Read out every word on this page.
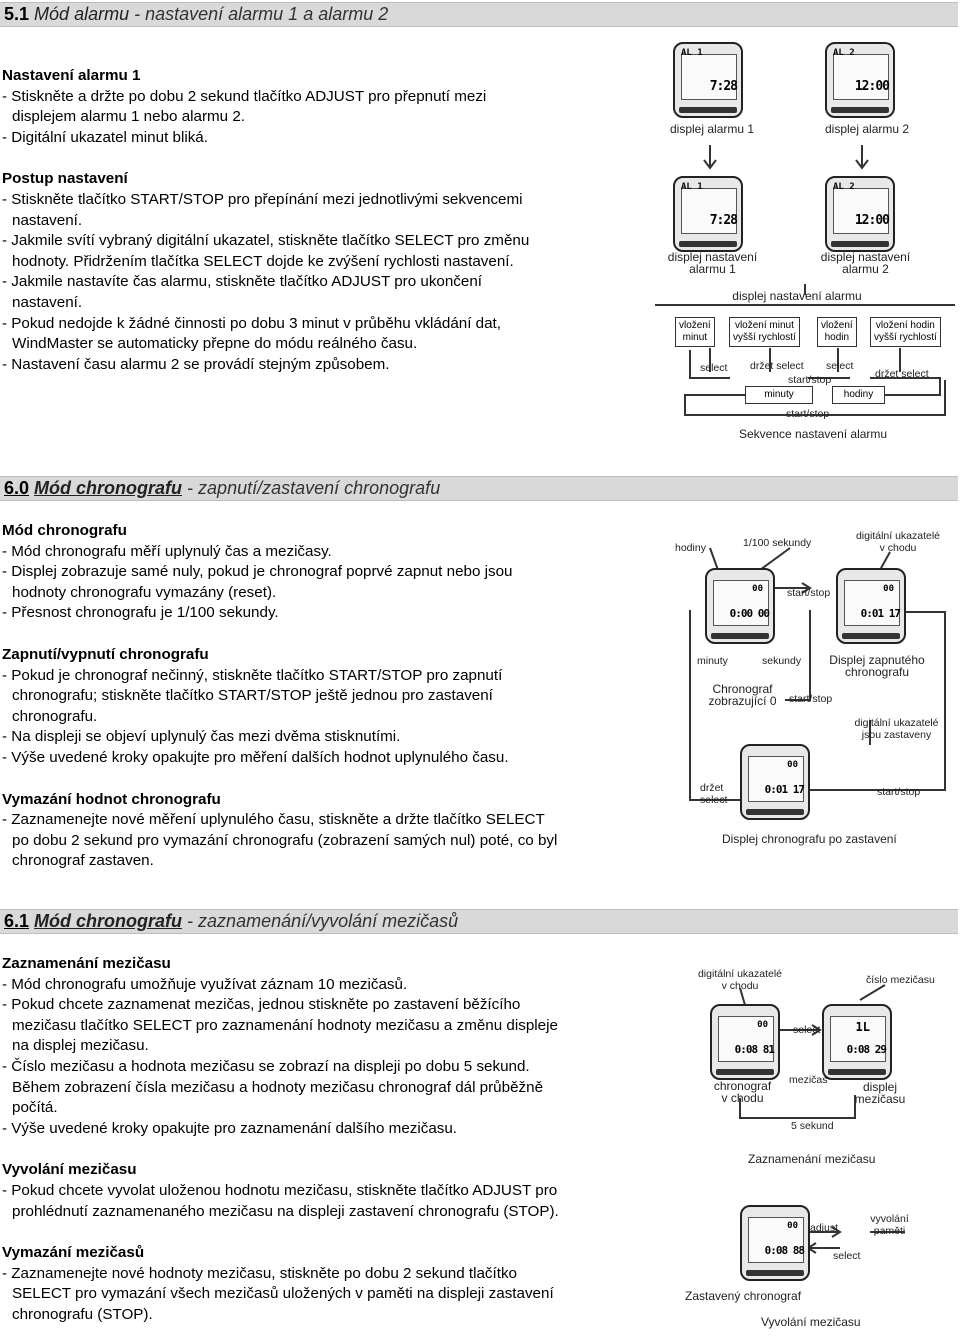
5.1 Mód alarmu - nastavení alarmu 1 a alarmu 2
Nastavení alarmu 1
- Stiskněte a držte po dobu 2 sekund tlačítko ADJUST pro přepnutí mezi
displejem alarmu 1 nebo alarmu 2.
- Digitální ukazatel minut bliká.
Postup nastavení
- Stiskněte tlačítko START/STOP pro přepínání mezi jednotlivými sekvencemi
nastavení.
- Jakmile svítí vybraný digitální ukazatel, stiskněte tlačítko SELECT pro změnu
hodnoty. Přidržením tlačítka SELECT dojde ke zvýšení rychlosti nastavení.
- Jakmile nastavíte čas alarmu, stiskněte tlačítko ADJUST pro ukončení
nastavení.
- Pokud nedojde k žádné činnosti po dobu 3 minut v průběhu vkládání dat,
WindMaster se automaticky přepne do módu reálného času.
- Nastavení času alarmu 2 se provádí stejným způsobem.
AL 1
7:28
AL 2
12:00
displej alarmu 1	displej alarmu 2
AL 1
7:28
AL 2
12:00
displej nastavení
alarmu 1
displej nastavení
alarmu 2
displej nastavení alarmu
vložení
minut
vložení minut
vyšší rychlostí
vložení
hodin
vložení hodin
vyšší rychlostí
select držet select select
držet select
start/stop
minuty	hodiny
start/stop
Sekvence nastavení alarmu
6.0 Mód chronografu - zapnutí/zastavení chronografu
Mód chronografu
- Mód chronografu měří uplynulý čas a mezičasy.
- Displej zobrazuje samé nuly, pokud je chronograf poprvé zapnut nebo jsou
hodnoty chronografu vymazány (reset).
- Přesnost chronografu je 1/100 sekundy.
Zapnutí/vypnutí chronografu
- Pokud je chronograf nečinný, stiskněte tlačítko START/STOP pro zapnutí
chronografu; stiskněte tlačítko START/STOP ještě jednou pro zastavení
chronografu.
- Na displeji se objeví uplynulý čas mezi dvěma stisknutími.
- Výše uvedené kroky opakujte pro měření dalších hodnot uplynulého času.
Vymazání hodnot chronografu
- Zaznamenejte nové měření uplynulého času, stiskněte a držte tlačítko SELECT
po dobu 2 sekund pro vymazání chronografu (zobrazení samých nul) poté, co byl
chronograf zastaven.
00
0:00 00
00
0:01 17
00
0:01 17
hodiny	1/100 sekundy
digitální ukazatelé
v chodu
start/stop
minuty	sekundy	Displej zapnutého
chronografu
Chronograf
zobrazující 0	start/stop
digitální ukazatelé
jsou zastaveny
držet
select
start/stop
Displej chronografu po zastavení
6.1 Mód chronografu - zaznamenání/vyvolání mezičasů
Zaznamenání mezičasu
- Mód chronografu umožňuje využívat záznam 10 mezičasů.
- Pokud chcete zaznamenat mezičas, jednou stiskněte po zastavení běžícího
mezičasu tlačítko SELECT pro zaznamenání hodnoty mezičasu a změnu displeje
na displej mezičasu.
- Číslo mezičasu a hodnota mezičasu se zobrazí na displeji po dobu 5 sekund.
Během zobrazení čísla mezičasu a hodnoty mezičasu chronograf dál průběžně
počítá.
- Výše uvedené kroky opakujte pro zaznamenání dalšího mezičasu.
Vyvolání mezičasu
- Pokud chcete vyvolat uloženou hodnotu mezičasu, stiskněte tlačítko ADJUST pro
prohlédnutí zaznamenaného mezičasu na displeji zastavení chronografu (STOP).
Vymazání mezičasů
- Zaznamenejte nové hodnoty mezičasu, stiskněte po dobu 2 sekund tlačítko
SELECT pro vymazání všech mezičasů uložených v paměti na displeji zastavení
chronografu (STOP).
00
0:08 81
1L
0:08 29
00
0:08 88
digitální ukazatelé
v chodu	číslo mezičasu
select
mezičas
chronograf
v chodu
displej
mezičasu
5 sekund
Zaznamenání mezičasu
adjust
vyvolání
paměti
select
Zastavený chronograf
Vyvolání mezičasu
